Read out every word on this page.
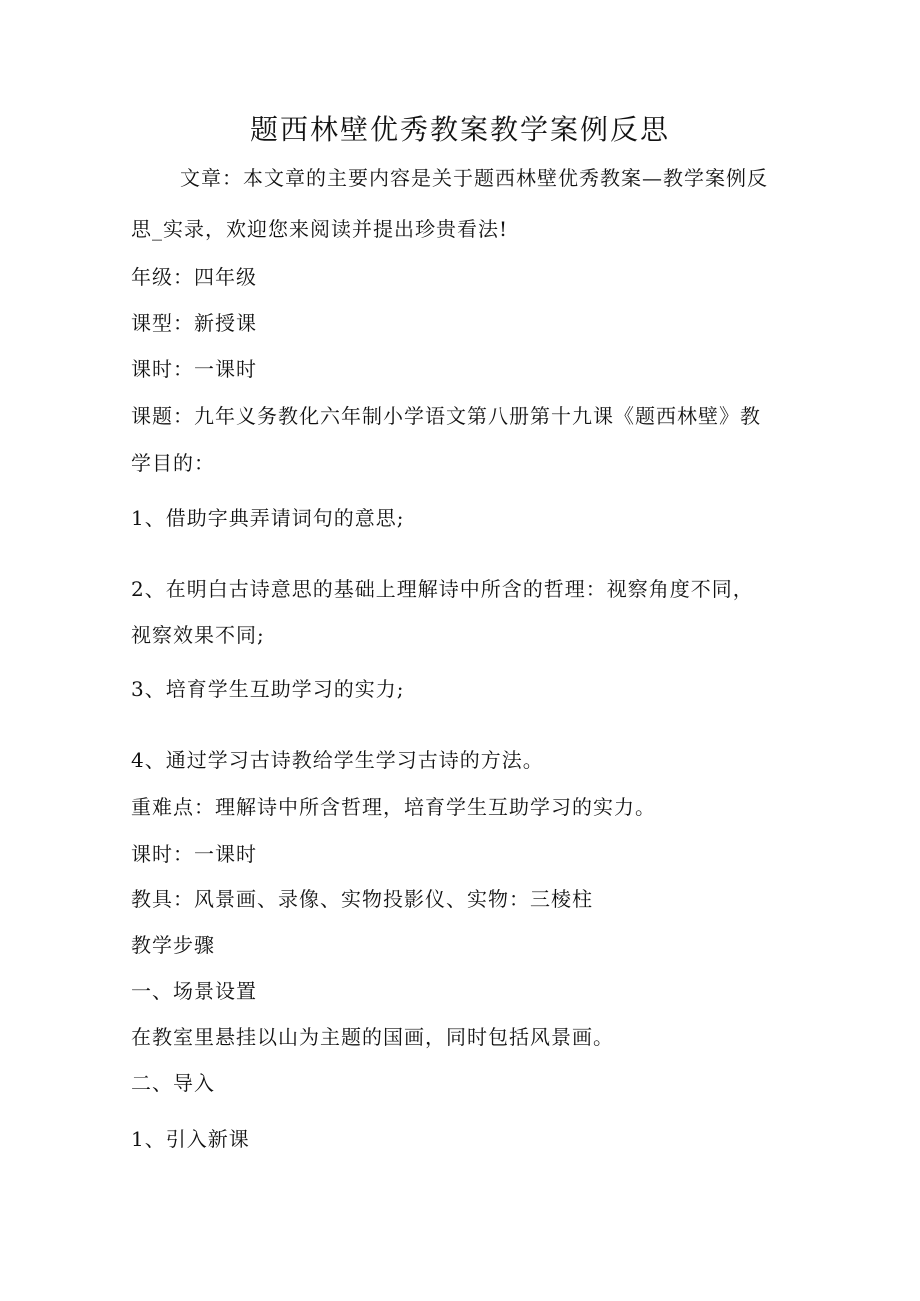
题西林壁优秀教案教学案例反思
文章：本文章的主要内容是关于题西林壁优秀教案—教学案例反
思_实录，欢迎您来阅读并提出珍贵看法!
年级：四年级
课型：新授课
课时：一课时
课题：九年义务教化六年制小学语文第八册第十九课《题西林壁》教
学目的：
1、借助字典弄请词句的意思;
2、在明白古诗意思的基础上理解诗中所含的哲理：视察角度不同，
视察效果不同;
3、培育学生互助学习的实力;
4、通过学习古诗教给学生学习古诗的方法。
重难点：理解诗中所含哲理，培育学生互助学习的实力。
课时：一课时
教具：风景画、录像、实物投影仪、实物：三棱柱
教学步骤
一、场景设置
在教室里悬挂以山为主题的国画，同时包括风景画。
二、导入
1、引入新课
